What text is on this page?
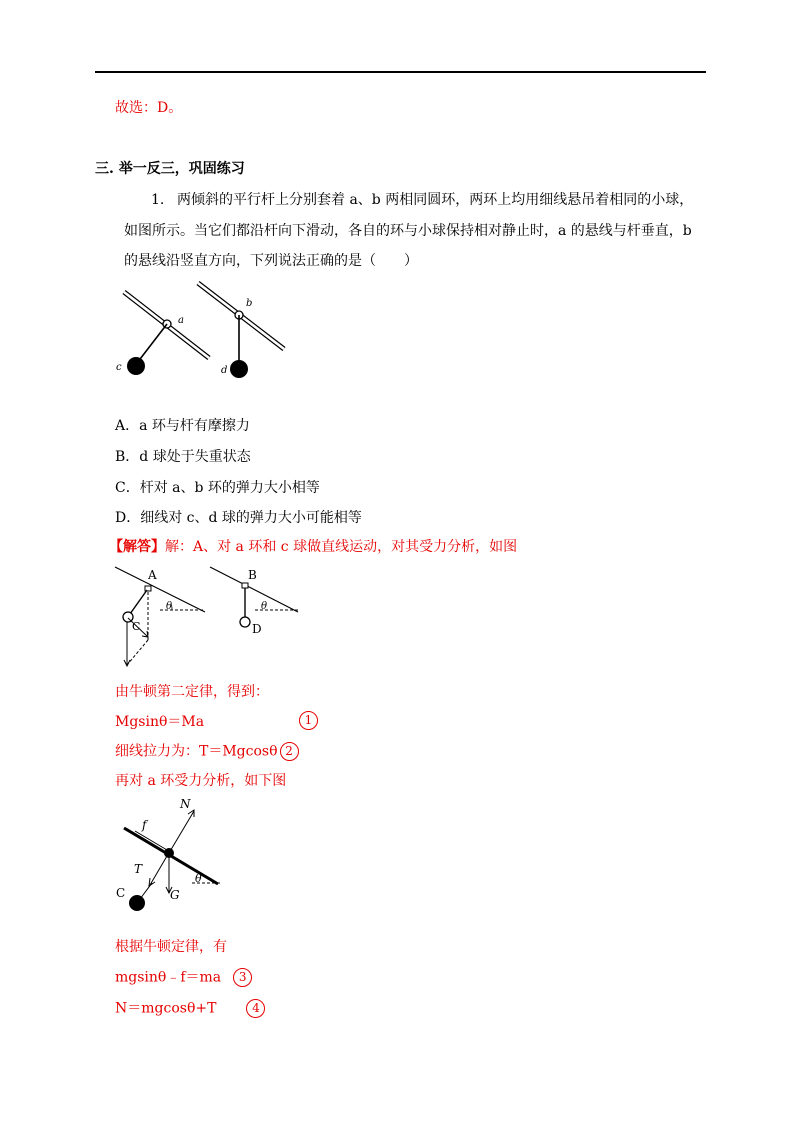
故选：D。
三. 举一反三，巩固练习
1. 两倾斜的平行杆上分别套着 a、b 两相同圆环，两环上均用细线悬吊着相同的小球，
如图所示。当它们都沿杆向下滑动，各自的环与小球保持相对静止时，a 的悬线与杆垂直，b
的悬线沿竖直方向，下列说法正确的是（　　）
a
c
b
d
A．a 环与杆有摩擦力
B．d 球处于失重状态
C．杆对 a、b 环的弹力大小相等
D．细线对 c、d 球的弹力大小可能相等
【解答】解：A、对 a 环和 c 球做直线运动，对其受力分析，如图
θ
A
C
θ
B
D
由牛顿第二定律，得到：
Mgsinθ＝Ma	1
细线拉力为：T＝Mgcosθ 2
再对 a 环受力分析，如下图
θ
N
f
T
G
C
根据牛顿定律，有
mgsinθ﹣f＝ma 3
N＝mgcosθ+T	4
